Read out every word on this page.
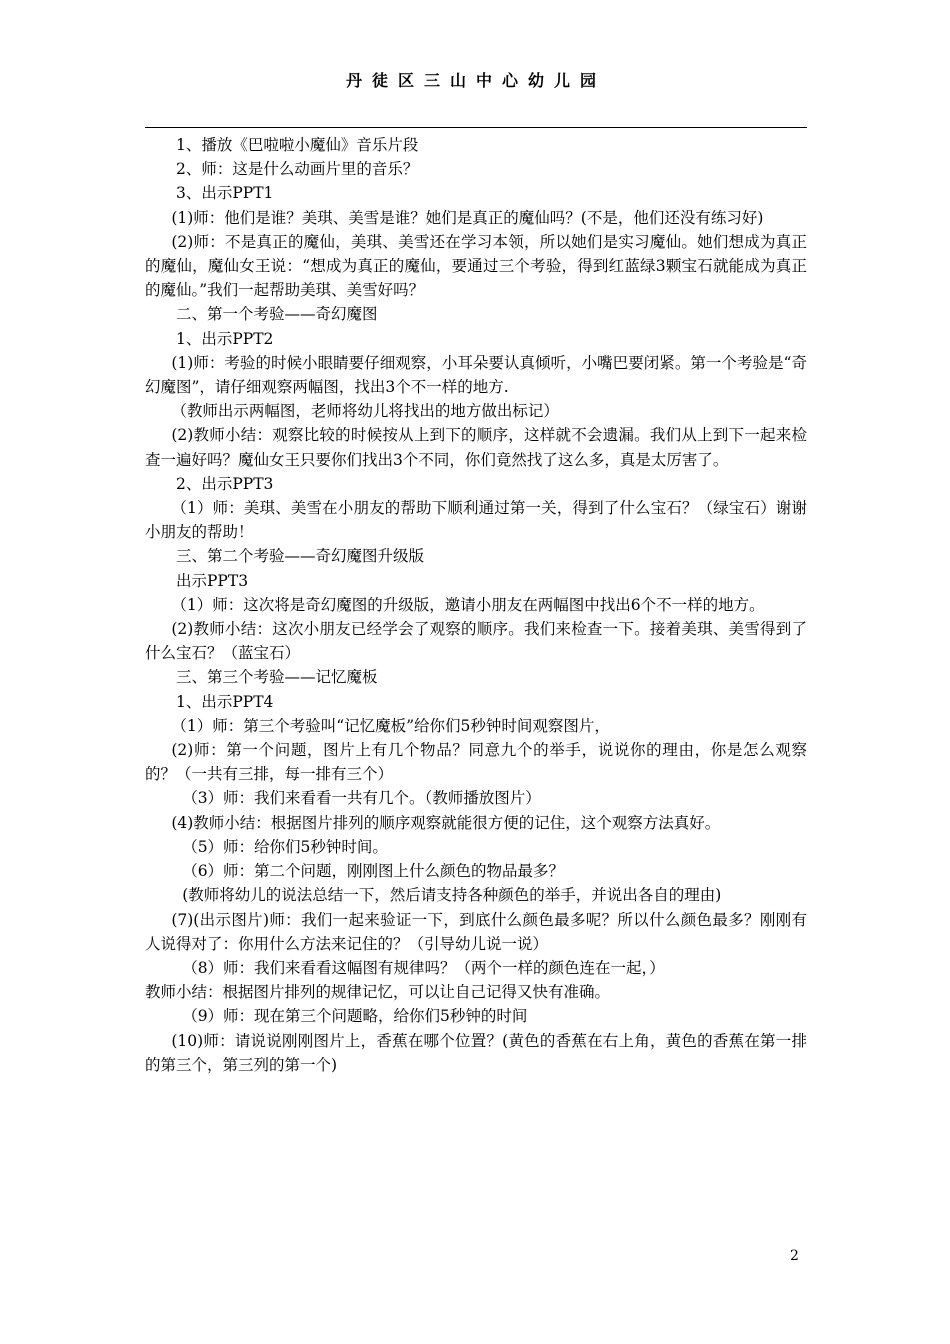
丹徒区三山中心幼儿园

1、播放《巴啦啦小魔仙》音乐片段

2、师：这是什么动画片里的音乐？

3、出示PPT1

(1)师：他们是谁？美琪、美雪是谁？她们是真正的魔仙吗？(不是，他们还没有练习好)

(2)师：不是真正的魔仙，美琪、美雪还在学习本领，所以她们是实习魔仙。她们想成为真正的魔仙，魔仙女王说：“想成为真正的魔仙，要通过三个考验，得到红蓝绿3颗宝石就能成为真正的魔仙。”我们一起帮助美琪、美雪好吗？

二、第一个考验——奇幻魔图

1、出示PPT2

(1)师：考验的时候小眼睛要仔细观察，小耳朵要认真倾听，小嘴巴要闭紧。第一个考验是“奇幻魔图”，请仔细观察两幅图，找出3个不一样的地方.

（教师出示两幅图，老师将幼儿将找出的地方做出标记）

(2)教师小结：观察比较的时候按从上到下的顺序，这样就不会遗漏。我们从上到下一起来检查一遍好吗？魔仙女王只要你们找出3个不同，你们竟然找了这么多，真是太厉害了。

2、出示PPT3

（1）师：美琪、美雪在小朋友的帮助下顺利通过第一关，得到了什么宝石？（绿宝石）谢谢小朋友的帮助！

三、第二个考验——奇幻魔图升级版

出示PPT3

（1）师：这次将是奇幻魔图的升级版，邀请小朋友在两幅图中找出6个不一样的地方。

(2)教师小结：这次小朋友已经学会了观察的顺序。我们来检查一下。接着美琪、美雪得到了什么宝石？（蓝宝石）

三、第三个考验——记忆魔板

1、出示PPT4

（1）师：第三个考验叫“记忆魔板”给你们5秒钟时间观察图片，

(2)师：第一个问题，图片上有几个物品？同意九个的举手，说说你的理由，你是怎么观察的？（一共有三排，每一排有三个）

（3）师：我们来看看一共有几个。（教师播放图片）

(4)教师小结：根据图片排列的顺序观察就能很方便的记住，这个观察方法真好。

（5）师：给你们5秒钟时间。

（6）师：第二个问题，刚刚图上什么颜色的物品最多？

(教师将幼儿的说法总结一下，然后请支持各种颜色的举手，并说出各自的理由)

(7)(出示图片)师：我们一起来验证一下，到底什么颜色最多呢？所以什么颜色最多？刚刚有人说得对了：你用什么方法来记住的？（引导幼儿说一说）

（8）师：我们来看看这幅图有规律吗？（两个一样的颜色连在一起，）

教师小结：根据图片排列的规律记忆，可以让自己记得又快有准确。

（9）师：现在第三个问题略，给你们5秒钟的时间

(10)师：请说说刚刚图片上，香蕉在哪个位置？(黄色的香蕉在右上角，黄色的香蕉在第一排的第三个，第三列的第一个)

2
